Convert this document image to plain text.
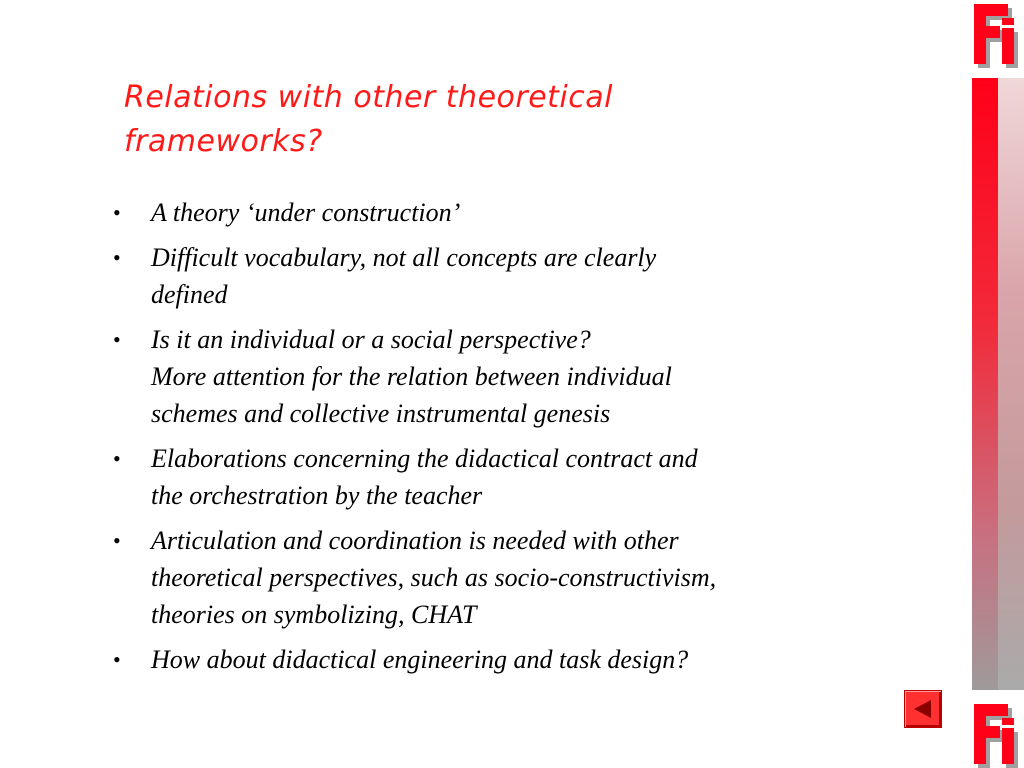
Relations with other theoretical
frameworks?
• A theory ‘under construction’
• Difficult vocabulary, not all concepts are clearly
defined
• Is it an individual or a social perspective?
More attention for the relation between individual
schemes and collective instrumental genesis
• Elaborations concerning the didactical contract and
the orchestration by the teacher
• Articulation and coordination is needed with other
theoretical perspectives, such as socio-constructivism,
theories on symbolizing, CHAT
• How about didactical engineering and task design?
